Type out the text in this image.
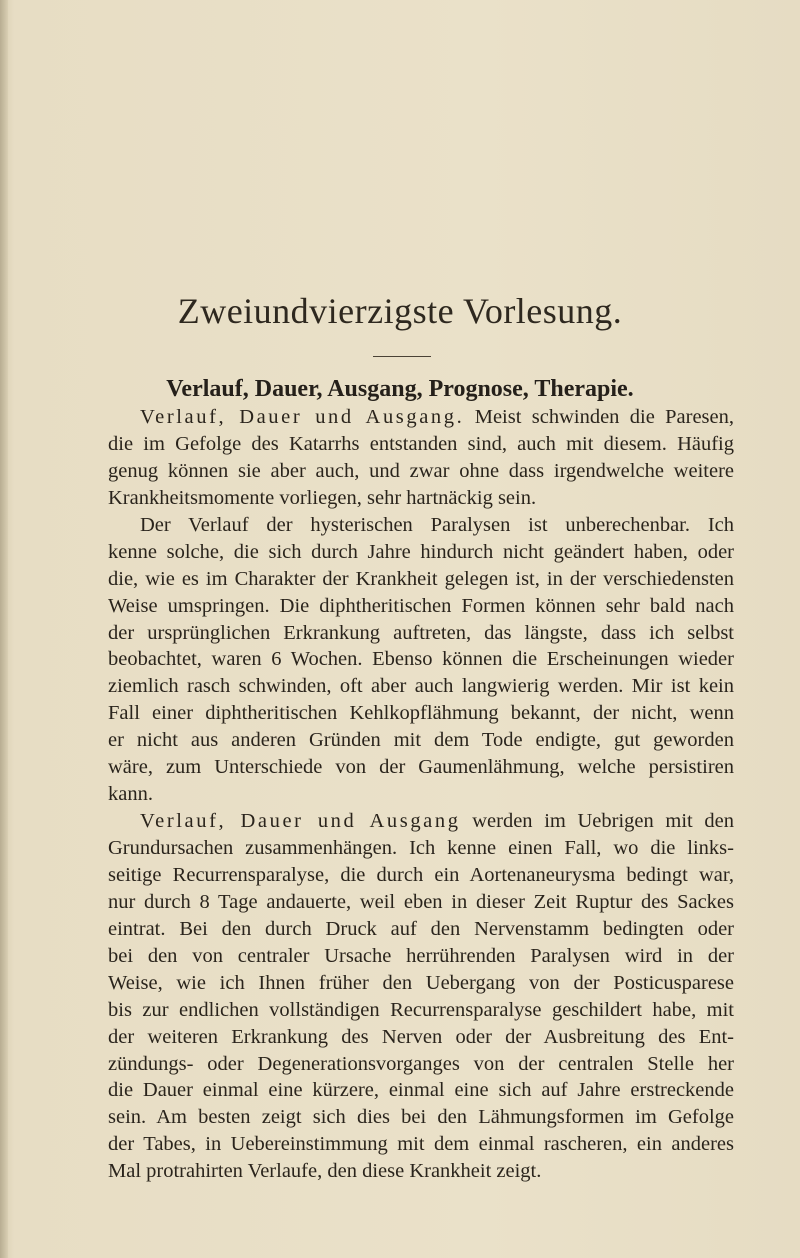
Zweiundvierzigste Vorlesung.
Verlauf, Dauer, Ausgang, Prognose, Therapie.
Verlauf, Dauer und Ausgang. Meist schwinden die Paresen,
die im Gefolge des Katarrhs entstanden sind, auch mit diesem. Häufig
genug können sie aber auch, und zwar ohne dass irgendwelche weitere
Krankheitsmomente vorliegen, sehr hartnäckig sein.
Der Verlauf der hysterischen Paralysen ist unberechenbar. Ich
kenne solche, die sich durch Jahre hindurch nicht geändert haben, oder
die, wie es im Charakter der Krankheit gelegen ist, in der verschiedensten
Weise umspringen. Die diphtheritischen Formen können sehr bald nach
der ursprünglichen Erkrankung auftreten, das längste, dass ich selbst
beobachtet, waren 6 Wochen. Ebenso können die Erscheinungen wieder
ziemlich rasch schwinden, oft aber auch langwierig werden. Mir ist kein
Fall einer diphtheritischen Kehlkopflähmung bekannt, der nicht, wenn
er nicht aus anderen Gründen mit dem Tode endigte, gut geworden
wäre, zum Unterschiede von der Gaumenlähmung, welche persistiren
kann.
Verlauf, Dauer und Ausgang werden im Uebrigen mit den
Grundursachen zusammenhängen. Ich kenne einen Fall, wo die links-
seitige Recurrensparalyse, die durch ein Aortenaneurysma bedingt war,
nur durch 8 Tage andauerte, weil eben in dieser Zeit Ruptur des Sackes
eintrat. Bei den durch Druck auf den Nervenstamm bedingten oder
bei den von centraler Ursache herrührenden Paralysen wird in der
Weise, wie ich Ihnen früher den Uebergang von der Posticusparese
bis zur endlichen vollständigen Recurrensparalyse geschildert habe, mit
der weiteren Erkrankung des Nerven oder der Ausbreitung des Ent-
zündungs- oder Degenerationsvorganges von der centralen Stelle her
die Dauer einmal eine kürzere, einmal eine sich auf Jahre erstreckende
sein. Am besten zeigt sich dies bei den Lähmungsformen im Gefolge
der Tabes, in Uebereinstimmung mit dem einmal rascheren, ein anderes
Mal protrahirten Verlaufe, den diese Krankheit zeigt.
